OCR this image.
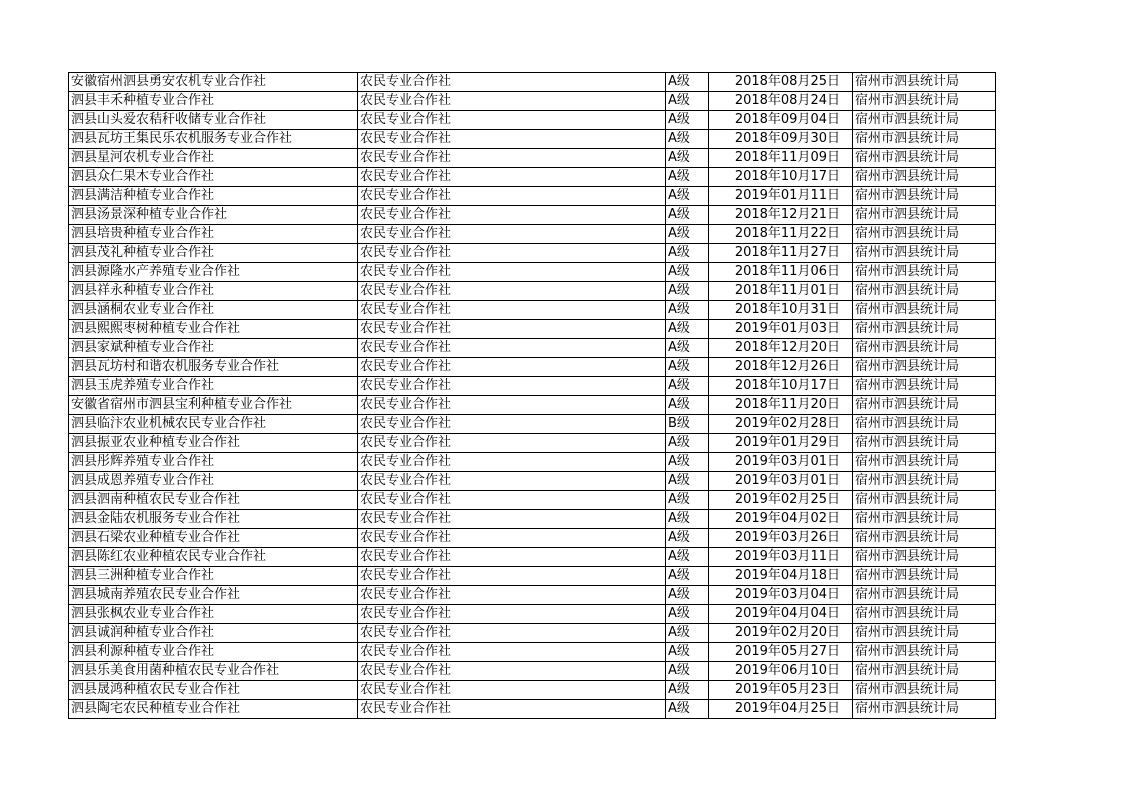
安徽宿州泗县勇安农机专业合作社	农民专业合作社	A级	2018年08月25日	宿州市泗县统计局
泗县丰禾种植专业合作社	农民专业合作社	A级	2018年08月24日	宿州市泗县统计局
泗县山头爱农秸秆收储专业合作社	农民专业合作社	A级	2018年09月04日	宿州市泗县统计局
泗县瓦坊王集民乐农机服务专业合作社	农民专业合作社	A级	2018年09月30日	宿州市泗县统计局
泗县星河农机专业合作社	农民专业合作社	A级	2018年11月09日	宿州市泗县统计局
泗县众仁果木专业合作社	农民专业合作社	A级	2018年10月17日	宿州市泗县统计局
泗县满洁种植专业合作社	农民专业合作社	A级	2019年01月11日	宿州市泗县统计局
泗县汤景深种植专业合作社	农民专业合作社	A级	2018年12月21日	宿州市泗县统计局
泗县培贵种植专业合作社	农民专业合作社	A级	2018年11月22日	宿州市泗县统计局
泗县茂礼种植专业合作社	农民专业合作社	A级	2018年11月27日	宿州市泗县统计局
泗县源隆水产养殖专业合作社	农民专业合作社	A级	2018年11月06日	宿州市泗县统计局
泗县祥永种植专业合作社	农民专业合作社	A级	2018年11月01日	宿州市泗县统计局
泗县涵桐农业专业合作社	农民专业合作社	A级	2018年10月31日	宿州市泗县统计局
泗县熙熙枣树种植专业合作社	农民专业合作社	A级	2019年01月03日	宿州市泗县统计局
泗县家斌种植专业合作社	农民专业合作社	A级	2018年12月20日	宿州市泗县统计局
泗县瓦坊村和谐农机服务专业合作社	农民专业合作社	A级	2018年12月26日	宿州市泗县统计局
泗县玉虎养殖专业合作社	农民专业合作社	A级	2018年10月17日	宿州市泗县统计局
安徽省宿州市泗县宝利种植专业合作社	农民专业合作社	A级	2018年11月20日	宿州市泗县统计局
泗县临汴农业机械农民专业合作社	农民专业合作社	B级	2019年02月28日	宿州市泗县统计局
泗县振亚农业种植专业合作社	农民专业合作社	A级	2019年01月29日	宿州市泗县统计局
泗县彤辉养殖专业合作社	农民专业合作社	A级	2019年03月01日	宿州市泗县统计局
泗县成恩养殖专业合作社	农民专业合作社	A级	2019年03月01日	宿州市泗县统计局
泗县泗南种植农民专业合作社	农民专业合作社	A级	2019年02月25日	宿州市泗县统计局
泗县金陆农机服务专业合作社	农民专业合作社	A级	2019年04月02日	宿州市泗县统计局
泗县石梁农业种植专业合作社	农民专业合作社	A级	2019年03月26日	宿州市泗县统计局
泗县陈红农业种植农民专业合作社	农民专业合作社	A级	2019年03月11日	宿州市泗县统计局
泗县三洲种植专业合作社	农民专业合作社	A级	2019年04月18日	宿州市泗县统计局
泗县城南养殖农民专业合作社	农民专业合作社	A级	2019年03月04日	宿州市泗县统计局
泗县张枫农业专业合作社	农民专业合作社	A级	2019年04月04日	宿州市泗县统计局
泗县诚润种植专业合作社	农民专业合作社	A级	2019年02月20日	宿州市泗县统计局
泗县利源种植专业合作社	农民专业合作社	A级	2019年05月27日	宿州市泗县统计局
泗县乐美食用菌种植农民专业合作社	农民专业合作社	A级	2019年06月10日	宿州市泗县统计局
泗县晟鸿种植农民专业合作社	农民专业合作社	A级	2019年05月23日	宿州市泗县统计局
泗县陶宅农民种植专业合作社	农民专业合作社	A级	2019年04月25日	宿州市泗县统计局
